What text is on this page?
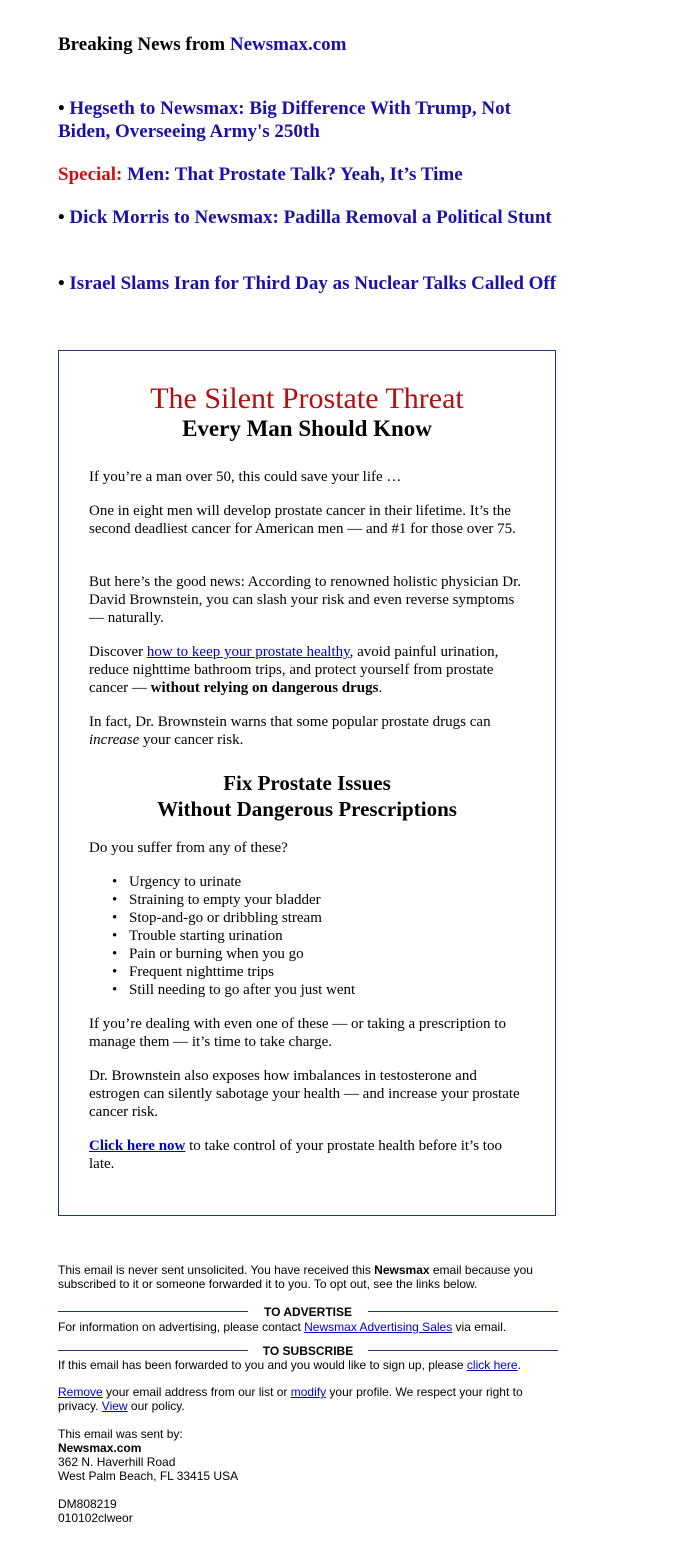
Breaking News from Newsmax.com
• Hegseth to Newsmax: Big Difference With Trump, Not Biden, Overseeing Army's 250th
Special: Men: That Prostate Talk? Yeah, It’s Time
• Dick Morris to Newsmax: Padilla Removal a Political Stunt
• Israel Slams Iran for Third Day as Nuclear Talks Called Off
The Silent Prostate Threat
Every Man Should Know
If you’re a man over 50, this could save your life …
One in eight men will develop prostate cancer in their lifetime. It’s the second deadliest cancer for American men — and #1 for those over 75.
But here’s the good news: According to renowned holistic physician Dr. David Brownstein, you can slash your risk and even reverse symptoms — naturally.
Discover how to keep your prostate healthy, avoid painful urination, reduce nighttime bathroom trips, and protect yourself from prostate cancer — without relying on dangerous drugs.
In fact, Dr. Brownstein warns that some popular prostate drugs can increase your cancer risk.
Fix Prostate Issues
Without Dangerous Prescriptions
Do you suffer from any of these?
• Urgency to urinate
• Straining to empty your bladder
• Stop-and-go or dribbling stream
• Trouble starting urination
• Pain or burning when you go
• Frequent nighttime trips
• Still needing to go after you just went
If you’re dealing with even one of these — or taking a prescription to manage them — it’s time to take charge.
Dr. Brownstein also exposes how imbalances in testosterone and estrogen can silently sabotage your health — and increase your prostate cancer risk.
Click here now to take control of your prostate health before it’s too late.
This email is never sent unsolicited. You have received this Newsmax email because you subscribed to it or someone forwarded it to you. To opt out, see the links below.
TO ADVERTISE
For information on advertising, please contact Newsmax Advertising Sales via email.
TO SUBSCRIBE
If this email has been forwarded to you and you would like to sign up, please click here.
Remove your email address from our list or modify your profile. We respect your right to privacy. View our policy.
This email was sent by:
Newsmax.com
362 N. Haverhill Road
West Palm Beach, FL 33415 USA
DM808219
010102clweor
